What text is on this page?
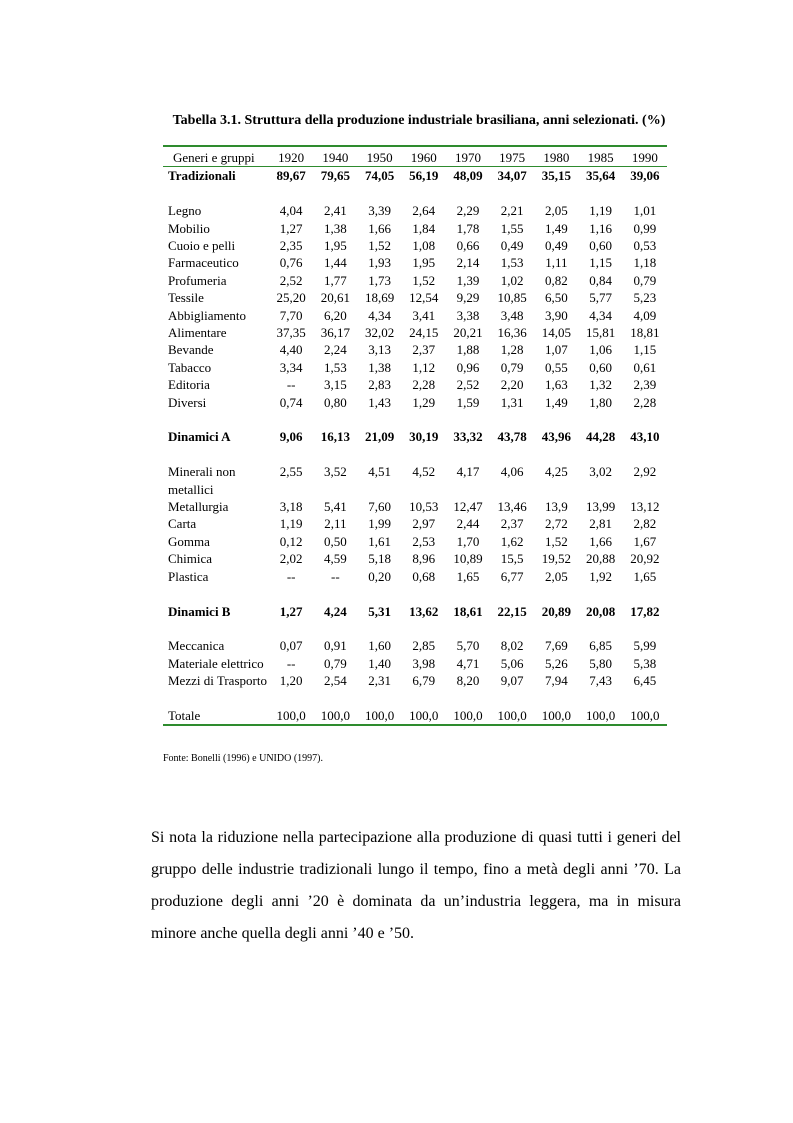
Tabella 3.1. Struttura della produzione industriale brasiliana, anni selezionati. (%)
Generi e gruppi	1920	1940	1950	1960	1970	1975	1980	1985	1990
Tradizionali	89,67	79,65	74,05	56,19	48,09	34,07	35,15	35,64	39,06

Legno	4,04	2,41	3,39	2,64	2,29	2,21	2,05	1,19	1,01
Mobilio	1,27	1,38	1,66	1,84	1,78	1,55	1,49	1,16	0,99
Cuoio e pelli	2,35	1,95	1,52	1,08	0,66	0,49	0,49	0,60	0,53
Farmaceutico	0,76	1,44	1,93	1,95	2,14	1,53	1,11	1,15	1,18
Profumeria	2,52	1,77	1,73	1,52	1,39	1,02	0,82	0,84	0,79
Tessile	25,20	20,61	18,69	12,54	9,29	10,85	6,50	5,77	5,23
Abbigliamento	7,70	6,20	4,34	3,41	3,38	3,48	3,90	4,34	4,09
Alimentare	37,35	36,17	32,02	24,15	20,21	16,36	14,05	15,81	18,81
Bevande	4,40	2,24	3,13	2,37	1,88	1,28	1,07	1,06	1,15
Tabacco	3,34	1,53	1,38	1,12	0,96	0,79	0,55	0,60	0,61
Editoria	--	3,15	2,83	2,28	2,52	2,20	1,63	1,32	2,39
Diversi	0,74	0,80	1,43	1,29	1,59	1,31	1,49	1,80	2,28

Dinamici A	9,06	16,13	21,09	30,19	33,32	43,78	43,96	44,28	43,10

Minerali non metallici	2,55	3,52	4,51	4,52	4,17	4,06	4,25	3,02	2,92
Metallurgia	3,18	5,41	7,60	10,53	12,47	13,46	13,9	13,99	13,12
Carta	1,19	2,11	1,99	2,97	2,44	2,37	2,72	2,81	2,82
Gomma	0,12	0,50	1,61	2,53	1,70	1,62	1,52	1,66	1,67
Chimica	2,02	4,59	5,18	8,96	10,89	15,5	19,52	20,88	20,92
Plastica	--	--	0,20	0,68	1,65	6,77	2,05	1,92	1,65

Dinamici B	1,27	4,24	5,31	13,62	18,61	22,15	20,89	20,08	17,82

Meccanica	0,07	0,91	1,60	2,85	5,70	8,02	7,69	6,85	5,99
Materiale elettrico	--	0,79	1,40	3,98	4,71	5,06	5,26	5,80	5,38
Mezzi di Trasporto	1,20	2,54	2,31	6,79	8,20	9,07	7,94	7,43	6,45

Totale	100,0	100,0	100,0	100,0	100,0	100,0	100,0	100,0	100,0
Fonte: Bonelli (1996) e UNIDO (1997).
Si nota la riduzione nella partecipazione alla produzione di quasi tutti i generi del gruppo delle industrie tradizionali lungo il tempo, fino a metà degli anni ’70. La produzione degli anni ’20 è dominata da un’industria leggera, ma in misura minore anche quella degli anni ’40 e ’50.
